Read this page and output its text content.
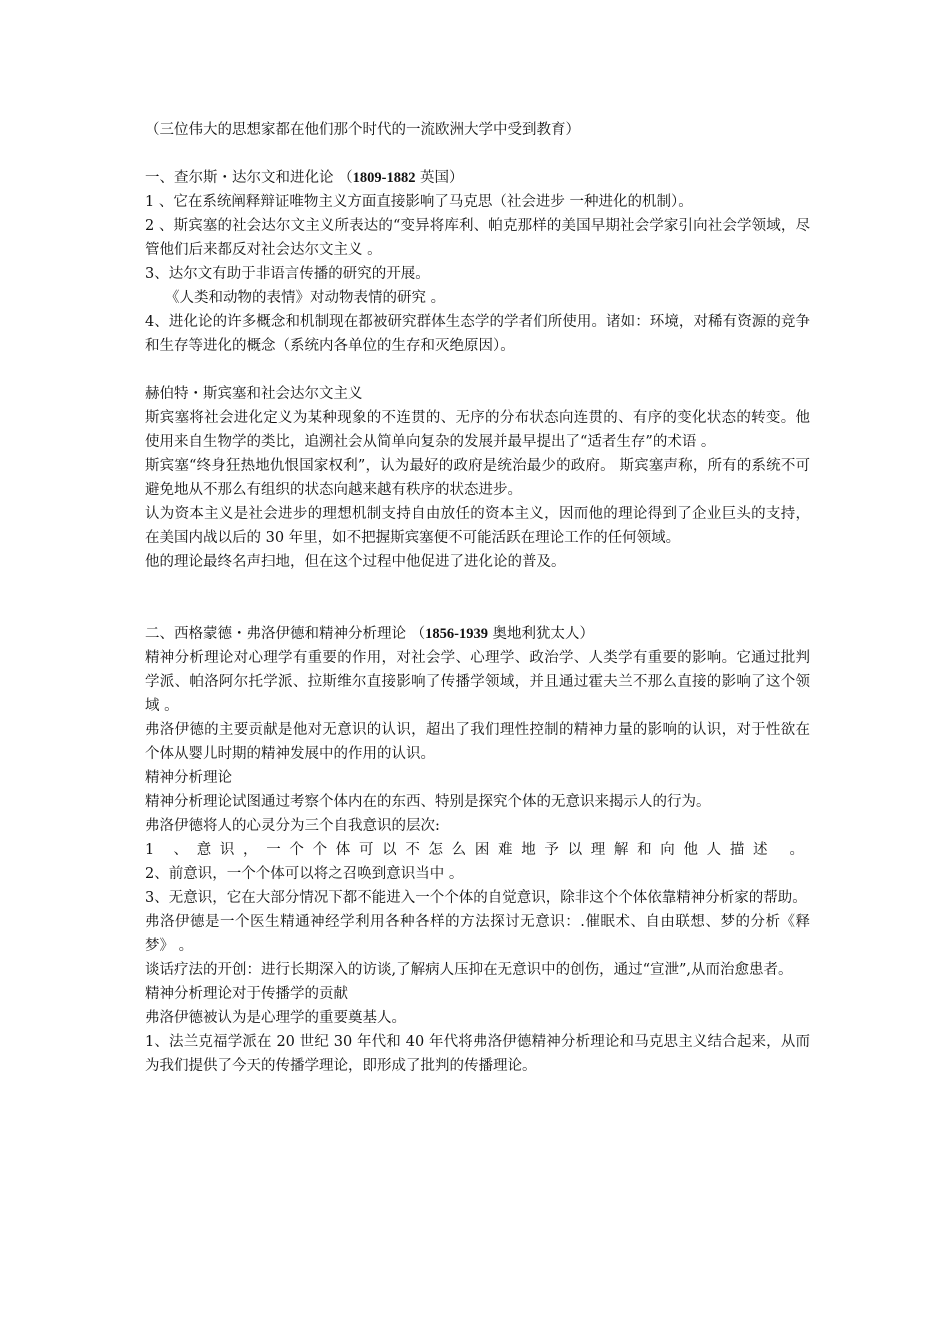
（三位伟大的思想家都在他们那个时代的一流欧洲大学中受到教育）

一、查尔斯・达尔文和进化论 （1809-1882 英国）

1 、它在系统阐释辩证唯物主义方面直接影响了马克思（社会进步 一种进化的机制）。

2 、斯宾塞的社会达尔文主义所表达的“变异将库利、帕克那样的美国早期社会学家引向社会学领域，尽管他们后来都反对社会达尔文主义 。

3、达尔文有助于非语言传播的研究的开展。

《人类和动物的表情》对动物表情的研究 。

4、进化论的许多概念和机制现在都被研究群体生态学的学者们所使用。诸如：环境，对稀有资源的竞争和生存等进化的概念（系统内各单位的生存和灭绝原因）。

赫伯特・斯宾塞和社会达尔文主义

斯宾塞将社会进化定义为某种现象的不连贯的、无序的分布状态向连贯的、有序的变化状态的转变。他使用来自生物学的类比，追溯社会从简单向复杂的发展并最早提出了“适者生存”的术语 。

斯宾塞“终身狂热地仇恨国家权利”，认为最好的政府是统治最少的政府。 斯宾塞声称，所有的系统不可避免地从不那么有组织的状态向越来越有秩序的状态进步。

认为资本主义是社会进步的理想机制支持自由放任的资本主义，因而他的理论得到了企业巨头的支持，在美国内战以后的 30 年里，如不把握斯宾塞便不可能活跃在理论工作的任何领域。

他的理论最终名声扫地，但在这个过程中他促进了进化论的普及。

二、西格蒙德・弗洛伊德和精神分析理论 （1856-1939 奥地利犹太人）

精神分析理论对心理学有重要的作用，对社会学、心理学、政治学、人类学有重要的影响。它通过批判学派、帕洛阿尔托学派、拉斯维尔直接影响了传播学领域，并且通过霍夫兰不那么直接的影响了这个领域 。

弗洛伊德的主要贡献是他对无意识的认识，超出了我们理性控制的精神力量的影响的认识，对于性欲在个体从婴儿时期的精神发展中的作用的认识。

精神分析理论

精神分析理论试图通过考察个体内在的东西、特别是探究个体的无意识来揭示人的行为。

弗洛伊德将人的心灵分为三个自我意识的层次:

1 、意识，一个个体可以不怎么困难地予以理解和向他人描述 。

2、前意识，一个个体可以将之召唤到意识当中 。

3、无意识，它在大部分情况下都不能进入一个个体的自觉意识，除非这个个体依靠精神分析家的帮助。

弗洛伊德是一个医生精通神经学利用各种各样的方法探讨无意识：.催眠术、自由联想、梦的分析《释梦》 。

谈话疗法的开创：进行长期深入的访谈,了解病人压抑在无意识中的创伤，通过“宣泄”,从而治愈患者。

精神分析理论对于传播学的贡献

弗洛伊德被认为是心理学的重要奠基人。

1、法兰克福学派在 20 世纪 30 年代和 40 年代将弗洛伊德精神分析理论和马克思主义结合起来，从而为我们提供了今天的传播学理论，即形成了批判的传播理论。
